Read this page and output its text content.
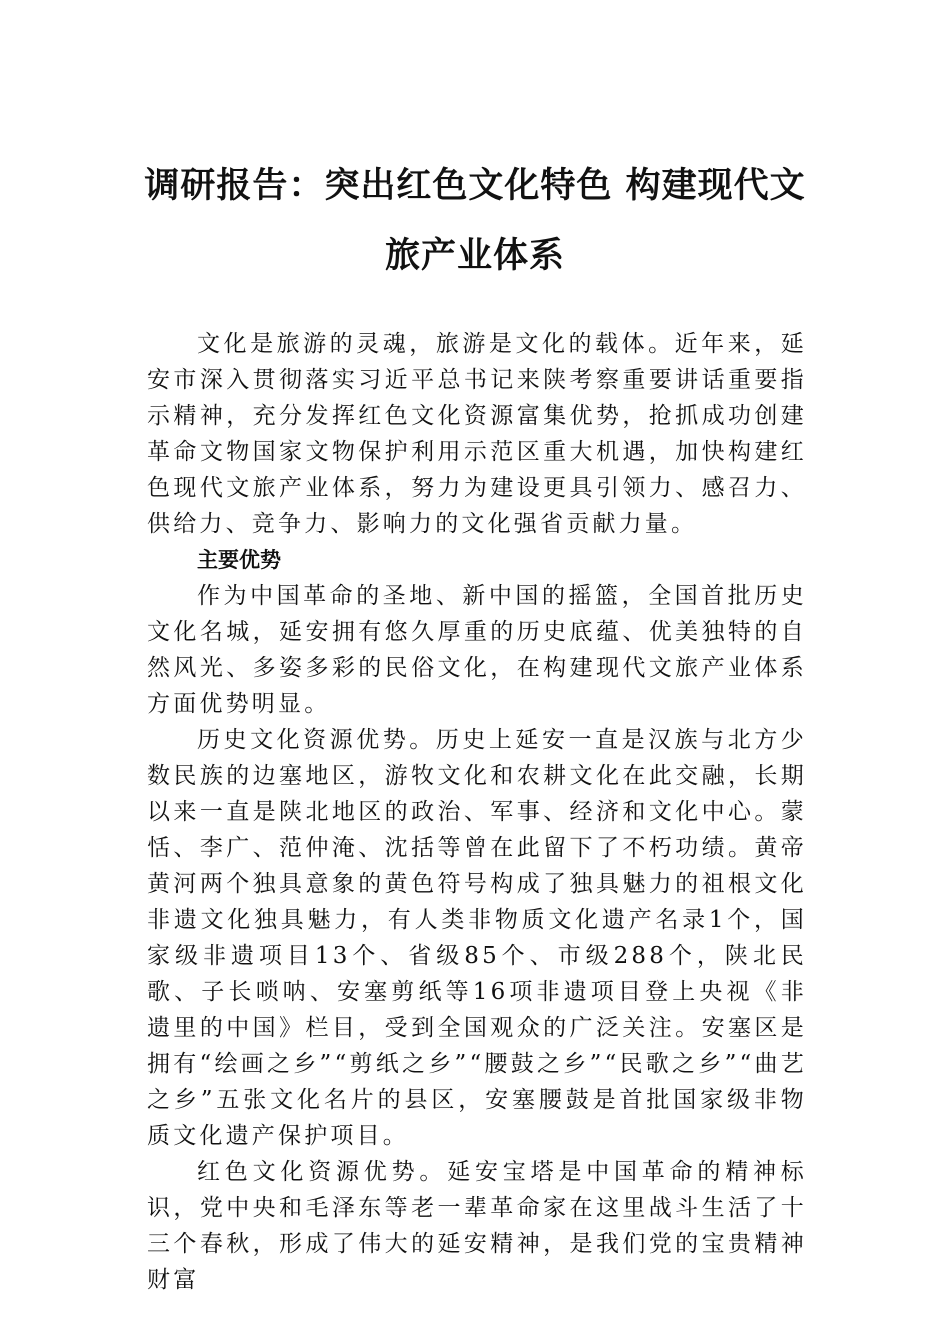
调研报告：突出红色文化特色 构建现代文
旅产业体系

文化是旅游的灵魂，旅游是文化的载体。近年来，延安市深入贯彻落实习近平总书记来陕考察重要讲话重要指示精神，充分发挥红色文化资源富集优势，抢抓成功创建革命文物国家文物保护利用示范区重大机遇，加快构建红色现代文旅产业体系，努力为建设更具引领力、感召力、供给力、竞争力、影响力的文化强省贡献力量。

主要优势

作为中国革命的圣地、新中国的摇篮，全国首批历史文化名城，延安拥有悠久厚重的历史底蕴、优美独特的自然风光、多姿多彩的民俗文化，在构建现代文旅产业体系方面优势明显。

历史文化资源优势。历史上延安一直是汉族与北方少数民族的边塞地区，游牧文化和农耕文化在此交融，长期以来一直是陕北地区的政治、军事、经济和文化中心。蒙恬、李广、范仲淹、沈括等曾在此留下了不朽功绩。黄帝黄河两个独具意象的黄色符号构成了独具魅力的祖根文化非遗文化独具魅力，有人类非物质文化遗产名录1个，国家级非遗项目13个、省级85个、市级288个，陕北民歌、子长唢呐、安塞剪纸等16项非遗项目登上央视《非遗里的中国》栏目，受到全国观众的广泛关注。安塞区是拥有“绘画之乡”“剪纸之乡”“腰鼓之乡”“民歌之乡”“曲艺之乡”五张文化名片的县区，安塞腰鼓是首批国家级非物质文化遗产保护项目。

红色文化资源优势。延安宝塔是中国革命的精神标识，党中央和毛泽东等老一辈革命家在这里战斗生活了十三个春秋，形成了伟大的延安精神，是我们党的宝贵精神财富
